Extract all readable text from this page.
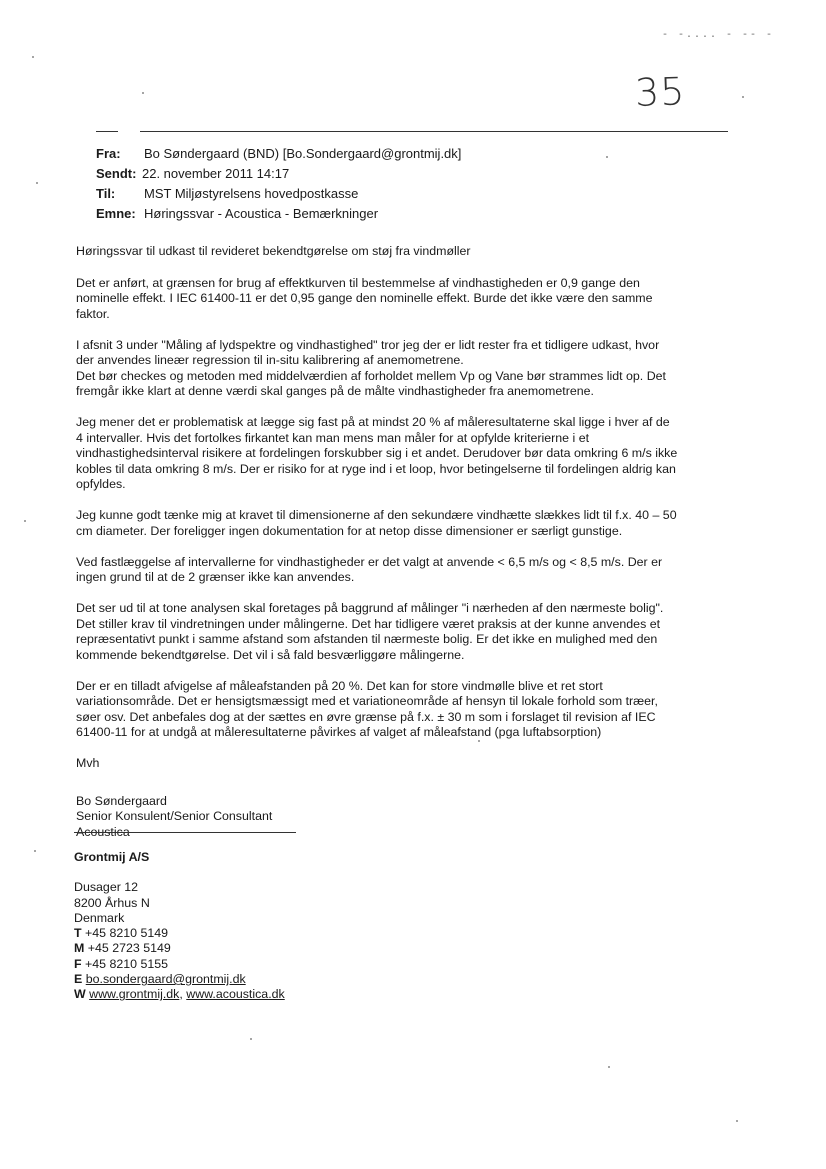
- -.... - -- -
35
Fra:	Bo Søndergaard (BND) [Bo.Sondergaard@grontmij.dk]
Sendt: 22. november 2011 14:17
Til:	MST Miljøstyrelsens hovedpostkasse
Emne: Høringssvar - Acoustica - Bemærkninger

Høringssvar til udkast til revideret bekendtgørelse om støj fra vindmøller

Det er anført, at grænsen for brug af effektkurven til bestemmelse af vindhastigheden er 0,9 gange den
nominelle effekt. I IEC 61400-11 er det 0,95 gange den nominelle effekt. Burde det ikke være den samme
faktor.

I afsnit 3 under "Måling af lydspektre og vindhastighed" tror jeg der er lidt rester fra et tidligere udkast, hvor
der anvendes lineær regression til in-situ kalibrering af anemometrene.
Det bør checkes og metoden med middelværdien af forholdet mellem Vp og Vane bør strammes lidt op. Det
fremgår ikke klart at denne værdi skal ganges på de målte vindhastigheder fra anemometrene.

Jeg mener det er problematisk at lægge sig fast på at mindst 20 % af måleresultaterne skal ligge i hver af de
4 intervaller. Hvis det fortolkes firkantet kan man mens man måler for at opfylde kriterierne i et
vindhastighedsinterval risikere at fordelingen forskubber sig i et andet. Derudover bør data omkring 6 m/s ikke
kobles til data omkring 8 m/s. Der er risiko for at ryge ind i et loop, hvor betingelserne til fordelingen aldrig kan
opfyldes.

Jeg kunne godt tænke mig at kravet til dimensionerne af den sekundære vindhætte slækkes lidt til f.x. 40 – 50
cm diameter. Der foreligger ingen dokumentation for at netop disse dimensioner er særligt gunstige.

Ved fastlæggelse af intervallerne for vindhastigheder er det valgt at anvende < 6,5 m/s og < 8,5 m/s. Der er
ingen grund til at de 2 grænser ikke kan anvendes.

Det ser ud til at tone analysen skal foretages på baggrund af målinger "i nærheden af den nærmeste bolig".
Det stiller krav til vindretningen under målingerne. Det har tidligere været praksis at der kunne anvendes et
repræsentativt punkt i samme afstand som afstanden til nærmeste bolig. Er det ikke en mulighed med den
kommende bekendtgørelse. Det vil i så fald besværliggøre målingerne.

Der er en tilladt afvigelse af måleafstanden på 20 %. Det kan for store vindmølle blive et ret stort
variationsområde. Det er hensigtsmæssigt med et variationeområde af hensyn til lokale forhold som træer,
søer osv. Det anbefales dog at der sættes en øvre grænse på f.x. ± 30 m som i forslaget til revision af IEC
61400-11 for at undgå at måleresultaterne påvirkes af valget af måleafstand (pga luftabsorption)

Mvh

Bo Søndergaard
Senior Konsulent/Senior Consultant
Acoustica

Grontmij A/S
Dusager 12
8200 Århus N
Denmark
T +45 8210 5149
M +45 2723 5149
F +45 8210 5155
E bo.sondergaard@grontmij.dk
W www.grontmij.dk, www.acoustica.dk
